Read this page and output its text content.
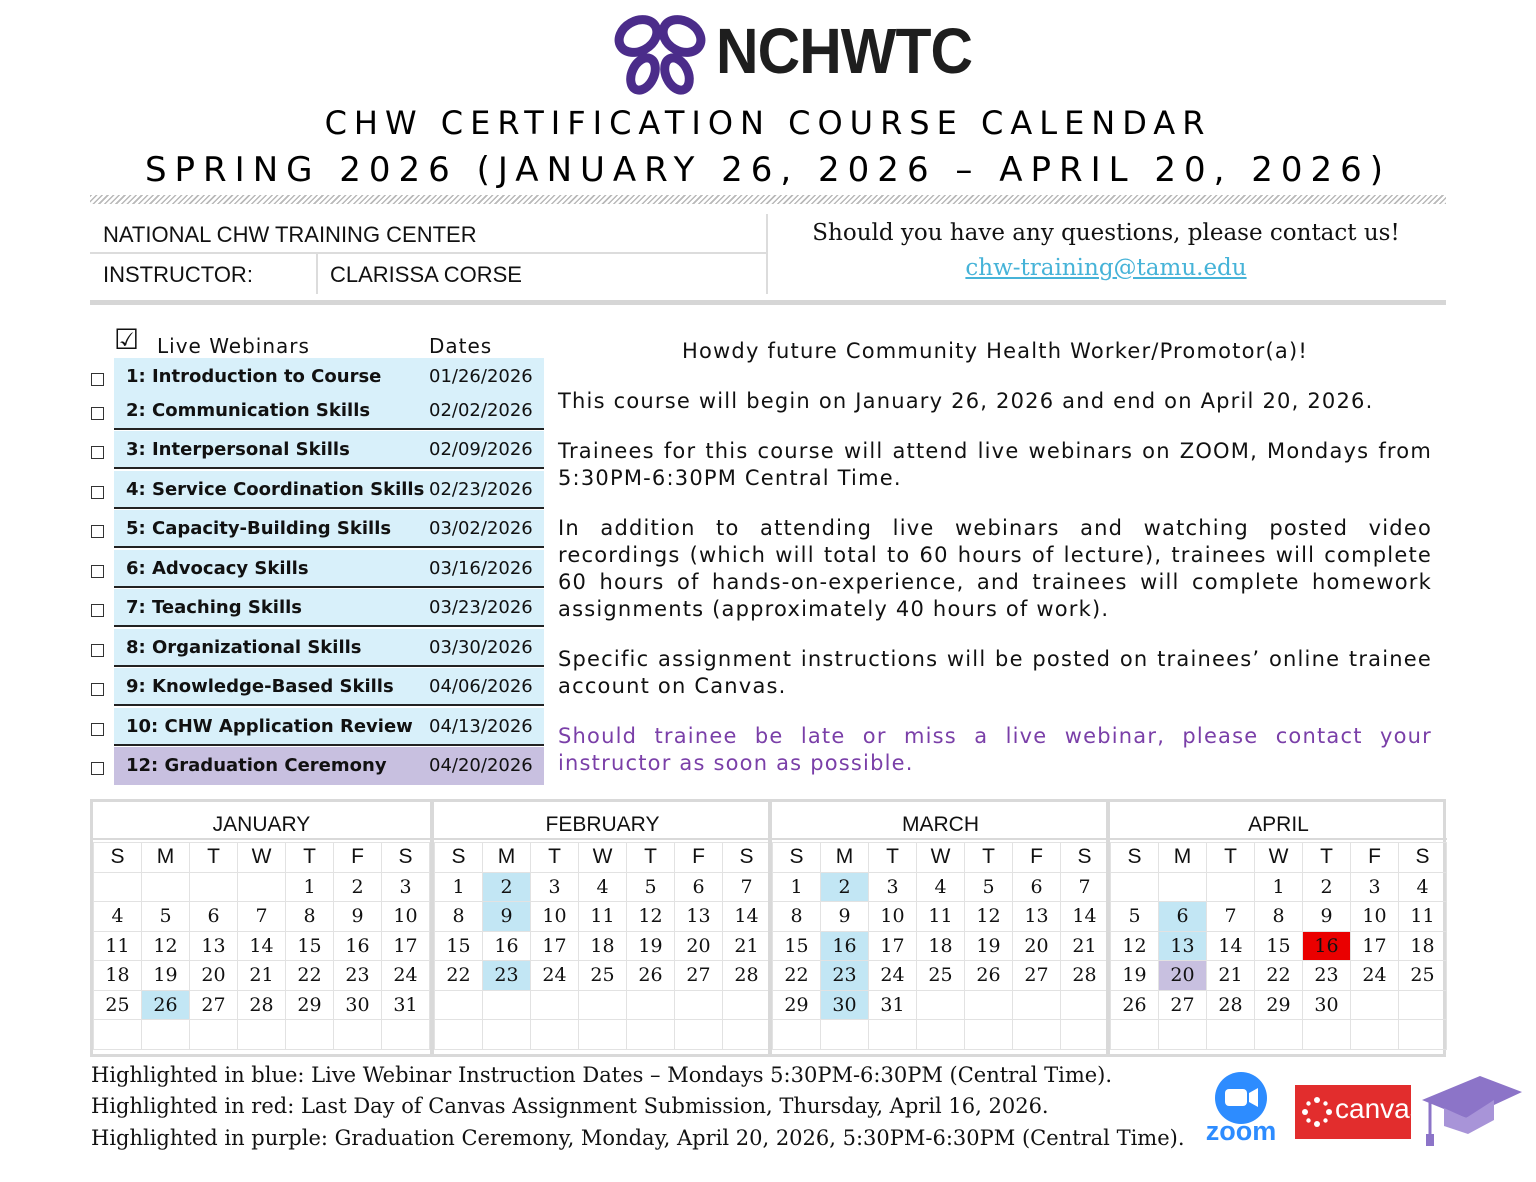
NCHWTC
CHW CERTIFICATION COURSE CALENDAR
SPRING 2026 (JANUARY 26, 2026 – APRIL 20, 2026)
NATIONAL CHW TRAINING CENTER
INSTRUCTOR:	CLARISSA CORSE
Should you have any questions, please contact us!
chw-training@tamu.edu
☑ Live Webinars	Dates
1: Introduction to Course	01/26/2026
2: Communication Skills	02/02/2026
3: Interpersonal Skills	02/09/2026
4: Service Coordination Skills 02/23/2026
5: Capacity-Building Skills 03/02/2026
6: Advocacy Skills	03/16/2026
7: Teaching Skills	03/23/2026
8: Organizational Skills	03/30/2026
9: Knowledge-Based Skills 04/06/2026
10: CHW Application Review 04/13/2026
12: Graduation Ceremony 04/20/2026
Howdy future Community Health Worker/Promotor(a)!
This course will begin on January 26, 2026 and end on April 20, 2026.
Trainees for this course will attend live webinars on ZOOM, Mondays from 5:30PM-6:30PM Central Time.
In addition to attending live webinars and watching posted video recordings (which will total to 60 hours of lecture), trainees will complete 60 hours of hands-on-experience, and trainees will complete homework assignments (approximately 40 hours of work).
Specific assignment instructions will be posted on trainees’ online trainee account on Canvas.
Should trainee be late or miss a live webinar, please contact your instructor as soon as possible.
JANUARY
S	M	T	W	T	F	S
				1	2	3
4	5	6	7	8	9	10
11	12	13	14	15	16	17
18	19	20	21	22	23	24
25	26	27	28	29	30	31

FEBRUARY
S	M	T	W	T	F	S
1	2	3	4	5	6	7
8	9	10	11	12	13	14
15	16	17	18	19	20	21
22	23	24	25	26	27	28

MARCH
S	M	T	W	T	F	S
1	2	3	4	5	6	7
8	9	10	11	12	13	14
15	16	17	18	19	20	21
22	23	24	25	26	27	28
29	30	31				

APRIL
S	M	T	W	T	F	S
			1	2	3	4
5	6	7	8	9	10	11
12	13	14	15	16	17	18
19	20	21	22	23	24	25
26	27	28	29	30		

Highlighted in blue: Live Webinar Instruction Dates – Mondays 5:30PM-6:30PM (Central Time).
Highlighted in red: Last Day of Canvas Assignment Submission, Thursday, April 16, 2026.
Highlighted in purple: Graduation Ceremony, Monday, April 20, 2026, 5:30PM-6:30PM (Central Time). zoom
canvas
